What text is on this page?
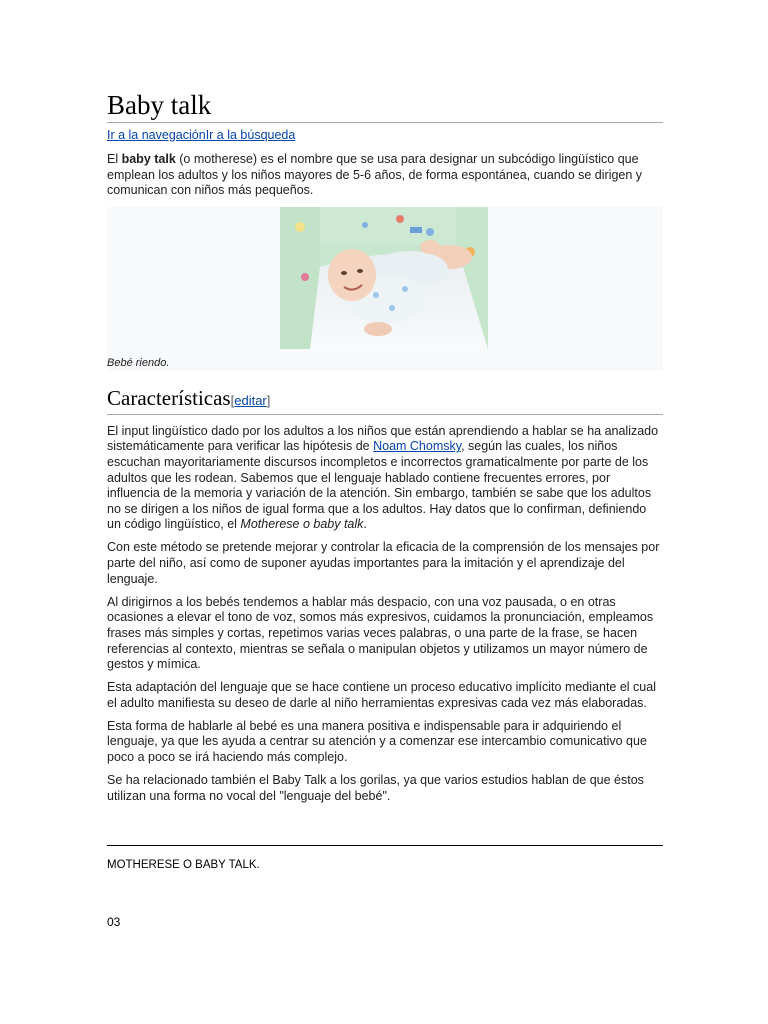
Baby talk
Ir a la navegaciónIr a la búsqueda

El baby talk (o motherese) es el nombre que se usa para designar un subcódigo lingüístico que emplean los adultos y los niños mayores de 5-6 años, de forma espontánea, cuando se dirigen y comunican con niños más pequeños.

Bebé riendo.
Características[editar]

El input lingüístico dado por los adultos a los niños que están aprendiendo a hablar se ha analizado sistemáticamente para verificar las hipótesis de Noam Chomsky, según las cuales, los niños escuchan mayoritariamente discursos incompletos e incorrectos gramaticalmente por parte de los adultos que les rodean. Sabemos que el lenguaje hablado contiene frecuentes errores, por influencia de la memoria y variación de la atención. Sin embargo, también se sabe que los adultos no se dirigen a los niños de igual forma que a los adultos. Hay datos que lo confirman, definiendo un código lingüístico, el Motherese o baby talk.

Con este método se pretende mejorar y controlar la eficacia de la comprensión de los mensajes por parte del niño, así como de suponer ayudas importantes para la imitación y el aprendizaje del lenguaje.

Al dirigirnos a los bebés tendemos a hablar más despacio, con una voz pausada, o en otras ocasiones a elevar el tono de voz, somos más expresivos, cuidamos la pronunciación, empleamos frases más simples y cortas, repetimos varias veces palabras, o una parte de la frase, se hacen referencias al contexto, mientras se señala o manipulan objetos y utilizamos un mayor número de gestos y mímica.

Esta adaptación del lenguaje que se hace contiene un proceso educativo implícito mediante el cual el adulto manifiesta su deseo de darle al niño herramientas expresivas cada vez más elaboradas.

Esta forma de hablarle al bebé es una manera positiva e indispensable para ir adquiriendo el lenguaje, ya que les ayuda a centrar su atención y a comenzar ese intercambio comunicativo que poco a poco se irá haciendo más complejo.

Se ha relacionado también el Baby Talk a los gorilas, ya que varios estudios hablan de que éstos utilizan una forma no vocal del "lenguaje del bebé".

MOTHERESE O BABY TALK.
03
